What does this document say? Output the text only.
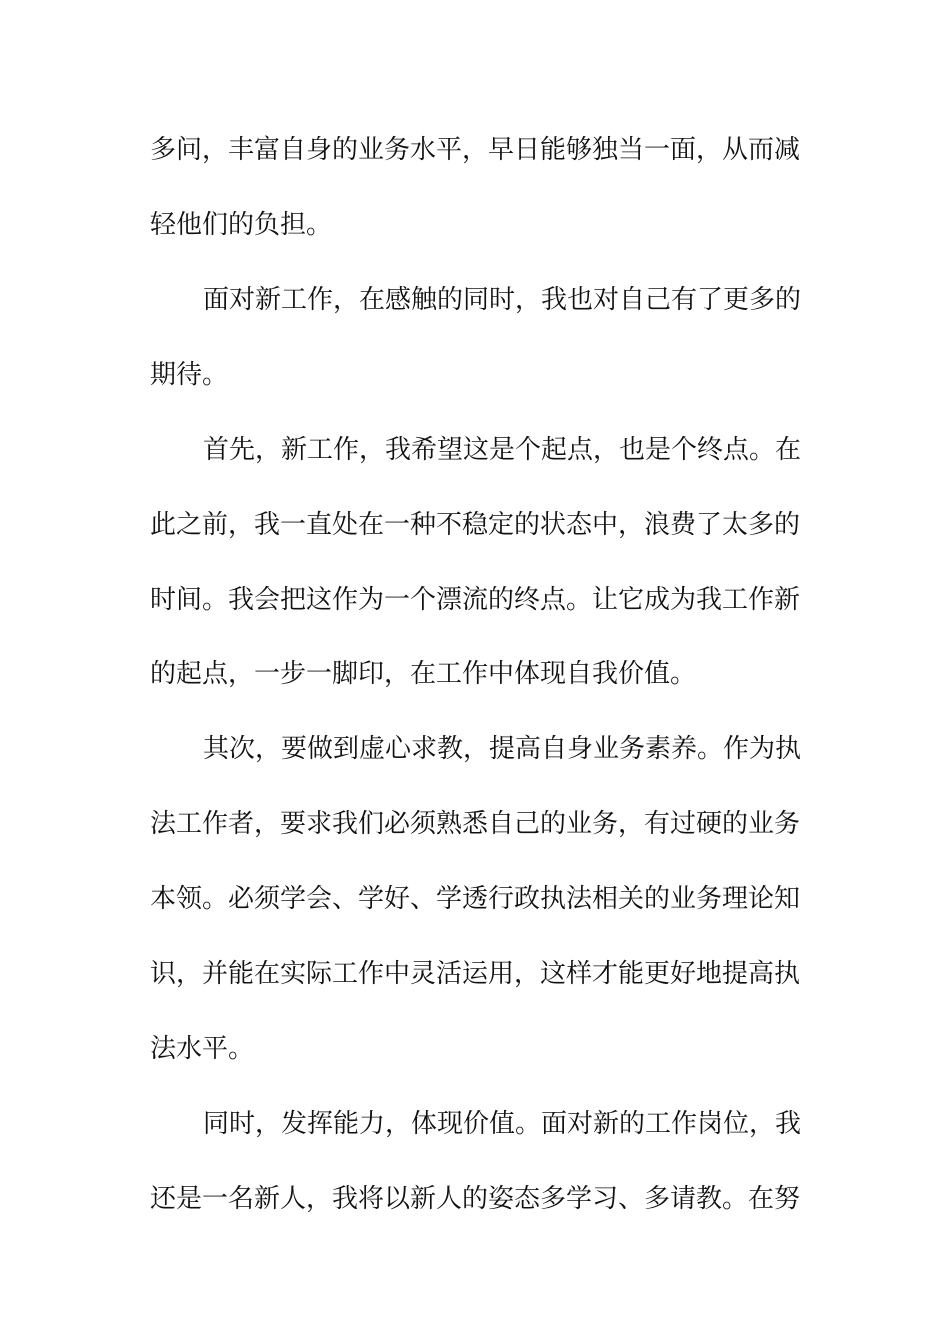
多问，丰富自身的业务水平，早日能够独当一面，从而减
轻他们的负担。
面对新工作，在感触的同时，我也对自己有了更多的
期待。
首先，新工作，我希望这是个起点，也是个终点。在
此之前，我一直处在一种不稳定的状态中，浪费了太多的
时间。我会把这作为一个漂流的终点。让它成为我工作新
的起点，一步一脚印，在工作中体现自我价值。
其次，要做到虚心求教，提高自身业务素养。作为执
法工作者，要求我们必须熟悉自己的业务，有过硬的业务
本领。必须学会、学好、学透行政执法相关的业务理论知
识，并能在实际工作中灵活运用，这样才能更好地提高执
法水平。
同时，发挥能力，体现价值。面对新的工作岗位，我
还是一名新人，我将以新人的姿态多学习、多请教。在努
